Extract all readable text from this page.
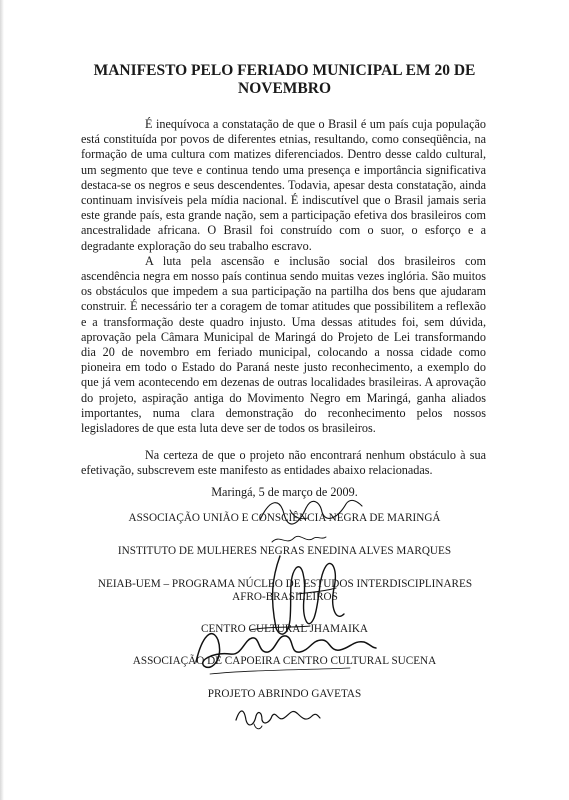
MANIFESTO PELO FERIADO MUNICIPAL EM 20 DE NOVEMBRO

É inequívoca a constatação de que o Brasil é um país cuja população está constituída por povos de diferentes etnias, resultando, como conseqüência, na formação de uma cultura com matizes diferenciados. Dentro desse caldo cultural, um segmento que teve e continua tendo uma presença e importância significativa destaca-se os negros e seus descendentes. Todavia, apesar desta constatação, ainda continuam invisíveis pela mídia nacional. É indiscutível que o Brasil jamais seria este grande país, esta grande nação, sem a participação efetiva dos brasileiros com ancestralidade africana. O Brasil foi construído com o suor, o esforço e a degradante exploração do seu trabalho escravo.

A luta pela ascensão e inclusão social dos brasileiros com ascendência negra em nosso país continua sendo muitas vezes inglória. São muitos os obstáculos que impedem a sua participação na partilha dos bens que ajudaram construir. É necessário ter a coragem de tomar atitudes que possibilitem a reflexão e a transformação deste quadro injusto. Uma dessas atitudes foi, sem dúvida, aprovação pela Câmara Municipal de Maringá do Projeto de Lei transformando dia 20 de novembro em feriado municipal, colocando a nossa cidade como pioneira em todo o Estado do Paraná neste justo reconhecimento, a exemplo do que já vem acontecendo em dezenas de outras localidades brasileiras. A aprovação do projeto, aspiração antiga do Movimento Negro em Maringá, ganha aliados importantes, numa clara demonstração do reconhecimento pelos nossos legisladores de que esta luta deve ser de todos os brasileiros.

Na certeza de que o projeto não encontrará nenhum obstáculo à sua efetivação, subscrevem este manifesto as entidades abaixo relacionadas.

Maringá, 5 de março de 2009.
ASSOCIAÇÃO UNIÃO E CONSCIÊNCIA NEGRA DE MARINGÁ
INSTITUTO DE MULHERES NEGRAS ENEDINA ALVES MARQUES
NEIAB-UEM – PROGRAMA NÚCLEO DE ESTUDOS INTERDISCIPLINARES AFRO-BRASILEIROS
CENTRO CULTURAL JHAMAIKA
ASSOCIAÇÃO DE CAPOEIRA CENTRO CULTURAL SUCENA
PROJETO ABRINDO GAVETAS
